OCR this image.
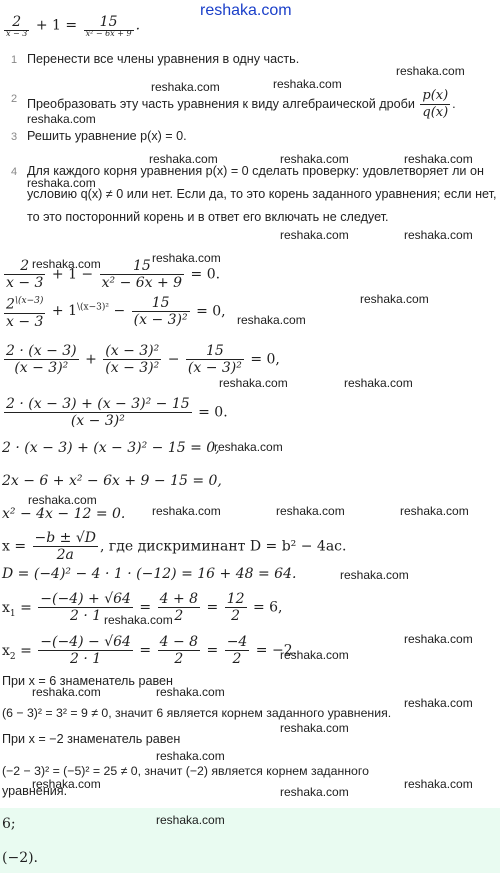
reshaka.com
$\frac{2}{x - 3} + 1 = \frac{15}{\text{x² − 6x + 9}}$ .
1 Перенести все члены уравнения в одну часть.
2 Преобразовать эту часть уравнения к виду алгебраической дроби $\frac{p(x)}{q(x)}$ .
3 Решить уравнение p(x) = 0.
4 Для каждого корня уравнения p(x) = 0 сделать проверку: удовлетворяет ли он условию q(x) ≠ 0 или нет. Если да, то это корень заданного уравнения; если нет, то это посторонний корень и в ответ его включать не следует.
$\frac{2}{x - 3} + 1 - \frac{15}{\text{x² − 6x + 9}} = 0$.
$\frac{2^{\backslash(x-3)}}{x - 3} + 1^{\backslash(x-3)^2} - \frac{15}{\text{(x − 3)²}} = 0$,
$\frac{2 \cdot (x - 3)}{\text{(x − 3)²}} + \frac{\text{(x − 3)²}}{\text{(x − 3)²}} - \frac{15}{\text{(x − 3)²}} = 0$,
$\frac{\text{2 · (x − 3) + (x − 3)² − 15}}{\text{(x − 3)²}} = 0$.
2 · (x − 3) + (x − 3)² − 15 = 0,
2x − 6 + x² − 6x + 9 − 15 = 0,
x² − 4x − 12 = 0.
$x = \frac{-b \pm √D}{2a}$ , где дискриминант D = b² − 4ac.
D = (−4)² − 4 · 1 · (−12) = 16 + 48 = 64.
$x_1 = \frac{-(-4) + √64}{2 \cdot 1} = \frac{4 + 8}{2} = \frac{12}{2} = 6$,
$x_2 = \frac{-(-4) - √64}{2 \cdot 1} = \frac{4 - 8}{2} = \frac{-4}{2} = -2$.
При x = 6 знаменатель равен
(6 − 3)² = 3² = 9 ≠ 0, значит 6 является корнем заданного уравнения.
При x = −2 знаменатель равен
(−2 − 3)² = (−5)² = 25 ≠ 0, значит (−2) является корнем заданного
уравнения.
6;
(−2).
reshaka.com
reshaka.com	reshaka.com
reshaka.com
reshaka.com	reshaka.com	reshaka.com
reshaka.com
reshaka.com	reshaka.com
reshaka.com	reshaka.com
reshaka.com
reshaka.com
reshaka.com	reshaka.com
reshaka.com
reshaka.com
reshaka.com	reshaka.com	reshaka.com
reshaka.com
reshaka.com
reshaka.com
reshaka.com
reshaka.com	reshaka.com
reshaka.com
reshaka.com
reshaka.com
reshaka.com
reshaka.com
reshaka.com
reshaka.com
